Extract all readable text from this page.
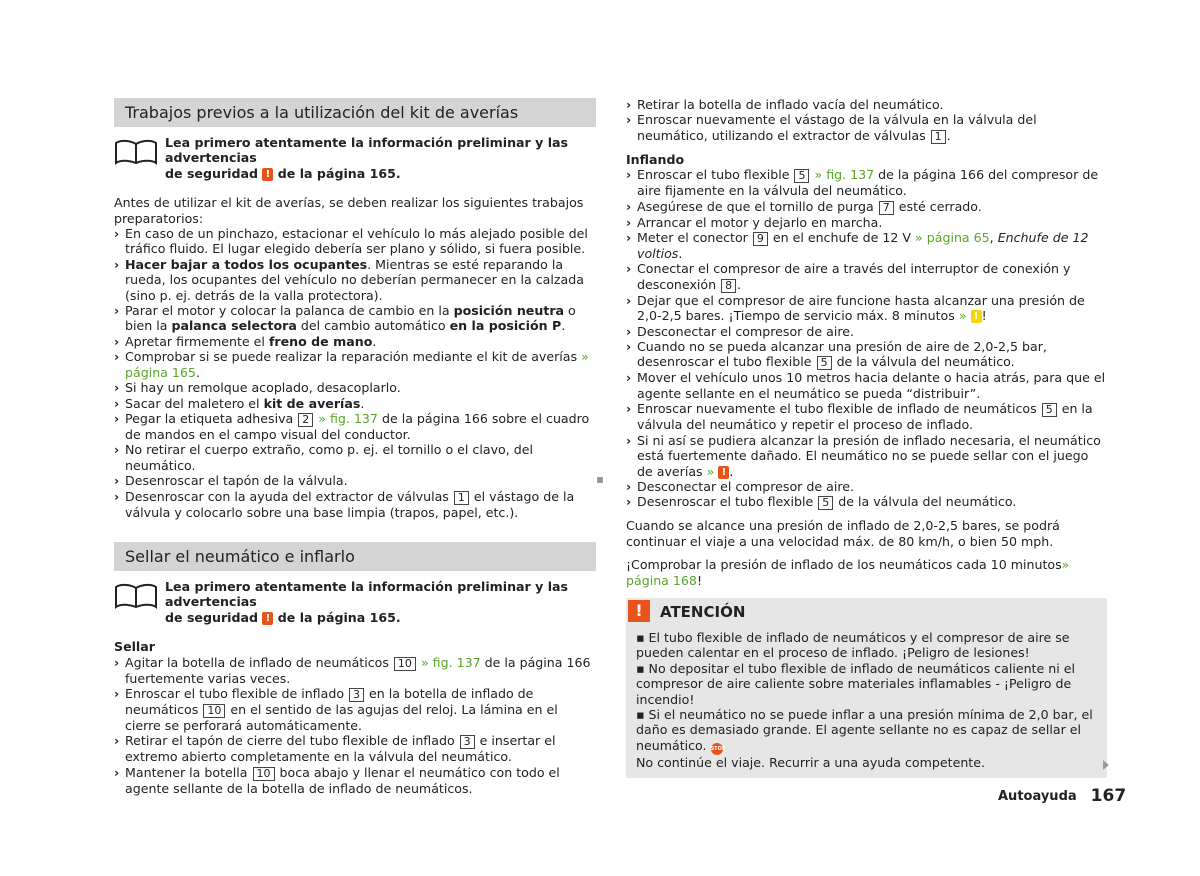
Trabajos previos a la utilización del kit de averías
Lea primero atentamente la información preliminar y las advertencias
de seguridad ! de la página 165.

Antes de utilizar el kit de averías, se deben realizar los siguientes trabajos preparatorios:

› En caso de un pinchazo, estacionar el vehículo lo más alejado posible del tráfico fluido. El lugar elegido debería ser plano y sólido, si fuera posible.
› Hacer bajar a todos los ocupantes. Mientras se esté reparando la rueda, los ocupantes del vehículo no deberían permanecer en la calzada (sino p. ej. detrás de la valla protectora).
› Parar el motor y colocar la palanca de cambio en la posición neutra o bien la palanca selectora del cambio automático en la posición P.
› Apretar firmemente el freno de mano.
› Comprobar si se puede realizar la reparación mediante el kit de averías » página 165.
› Si hay un remolque acoplado, desacoplarlo.
› Sacar del maletero el kit de averías.
› Pegar la etiqueta adhesiva 2 » fig. 137 de la página 166 sobre el cuadro de mandos en el campo visual del conductor.
› No retirar el cuerpo extraño, como p. ej. el tornillo o el clavo, del neumático.
› Desenroscar el tapón de la válvula.
› Desenroscar con la ayuda del extractor de válvulas 1 el vástago de la válvula y colocarlo sobre una base limpia (trapos, papel, etc.).
Sellar el neumático e inflarlo
Lea primero atentamente la información preliminar y las advertencias
de seguridad ! de la página 165.

Sellar

› Agitar la botella de inflado de neumáticos 10 » fig. 137 de la página 166 fuertemente varias veces.
› Enroscar el tubo flexible de inflado 3 en la botella de inflado de neumáticos 10 en el sentido de las agujas del reloj. La lámina en el cierre se perforará automáticamente.
› Retirar el tapón de cierre del tubo flexible de inflado 3 e insertar el extremo abierto completamente en la válvula del neumático.
› Mantener la botella 10 boca abajo y llenar el neumático con todo el agente sellante de la botella de inflado de neumáticos.
› Retirar la botella de inflado vacía del neumático.
› Enroscar nuevamente el vástago de la válvula en la válvula del neumático, utilizando el extractor de válvulas 1 .

Inflando

› Enroscar el tubo flexible 5 » fig. 137 de la página 166 del compresor de aire fijamente en la válvula del neumático.
› Asegúrese de que el tornillo de purga 7 esté cerrado.
› Arrancar el motor y dejarlo en marcha.
› Meter el conector 9 en el enchufe de 12 V » página 65, Enchufe de 12 voltios.
› Conectar el compresor de aire a través del interruptor de conexión y desconexión 8 .
› Dejar que el compresor de aire funcione hasta alcanzar una presión de 2,0-2,5 bares. ¡Tiempo de servicio máx. 8 minutos » ! !
› Desconectar el compresor de aire.
› Cuando no se pueda alcanzar una presión de aire de 2,0-2,5 bar, desenroscar el tubo flexible 5 de la válvula del neumático.
› Mover el vehículo unos 10 metros hacia delante o hacia atrás, para que el agente sellante en el neumático se pueda “distribuir”.
› Enroscar nuevamente el tubo flexible de inflado de neumáticos 5 en la válvula del neumático y repetir el proceso de inflado.
› Si ni así se pudiera alcanzar la presión de inflado necesaria, el neumático está fuertemente dañado. El neumático no se puede sellar con el juego de averías » ! .
› Desconectar el compresor de aire.
› Desenroscar el tubo flexible 5 de la válvula del neumático.

Cuando se alcance una presión de inflado de 2,0-2,5 bares, se podrá continuar el viaje a una velocidad máx. de 80 km/h, o bien 50 mph.

¡Comprobar la presión de inflado de los neumáticos cada 10 minutos» página 168!

!	ATENCIÓN

▪ El tubo flexible de inflado de neumáticos y el compresor de aire se pueden calentar en el proceso de inflado. ¡Peligro de lesiones!

▪ No depositar el tubo flexible de inflado de neumáticos caliente ni el compresor de aire caliente sobre materiales inflamables - ¡Peligro de incendio!

▪ Si el neumático no se puede inflar a una presión mínima de 2,0 bar, el daño es demasiado grande. El agente sellante no es capaz de sellar el neumático. STOP

No continúe el viaje. Recurrir a una ayuda competente.

Autoayuda 167
